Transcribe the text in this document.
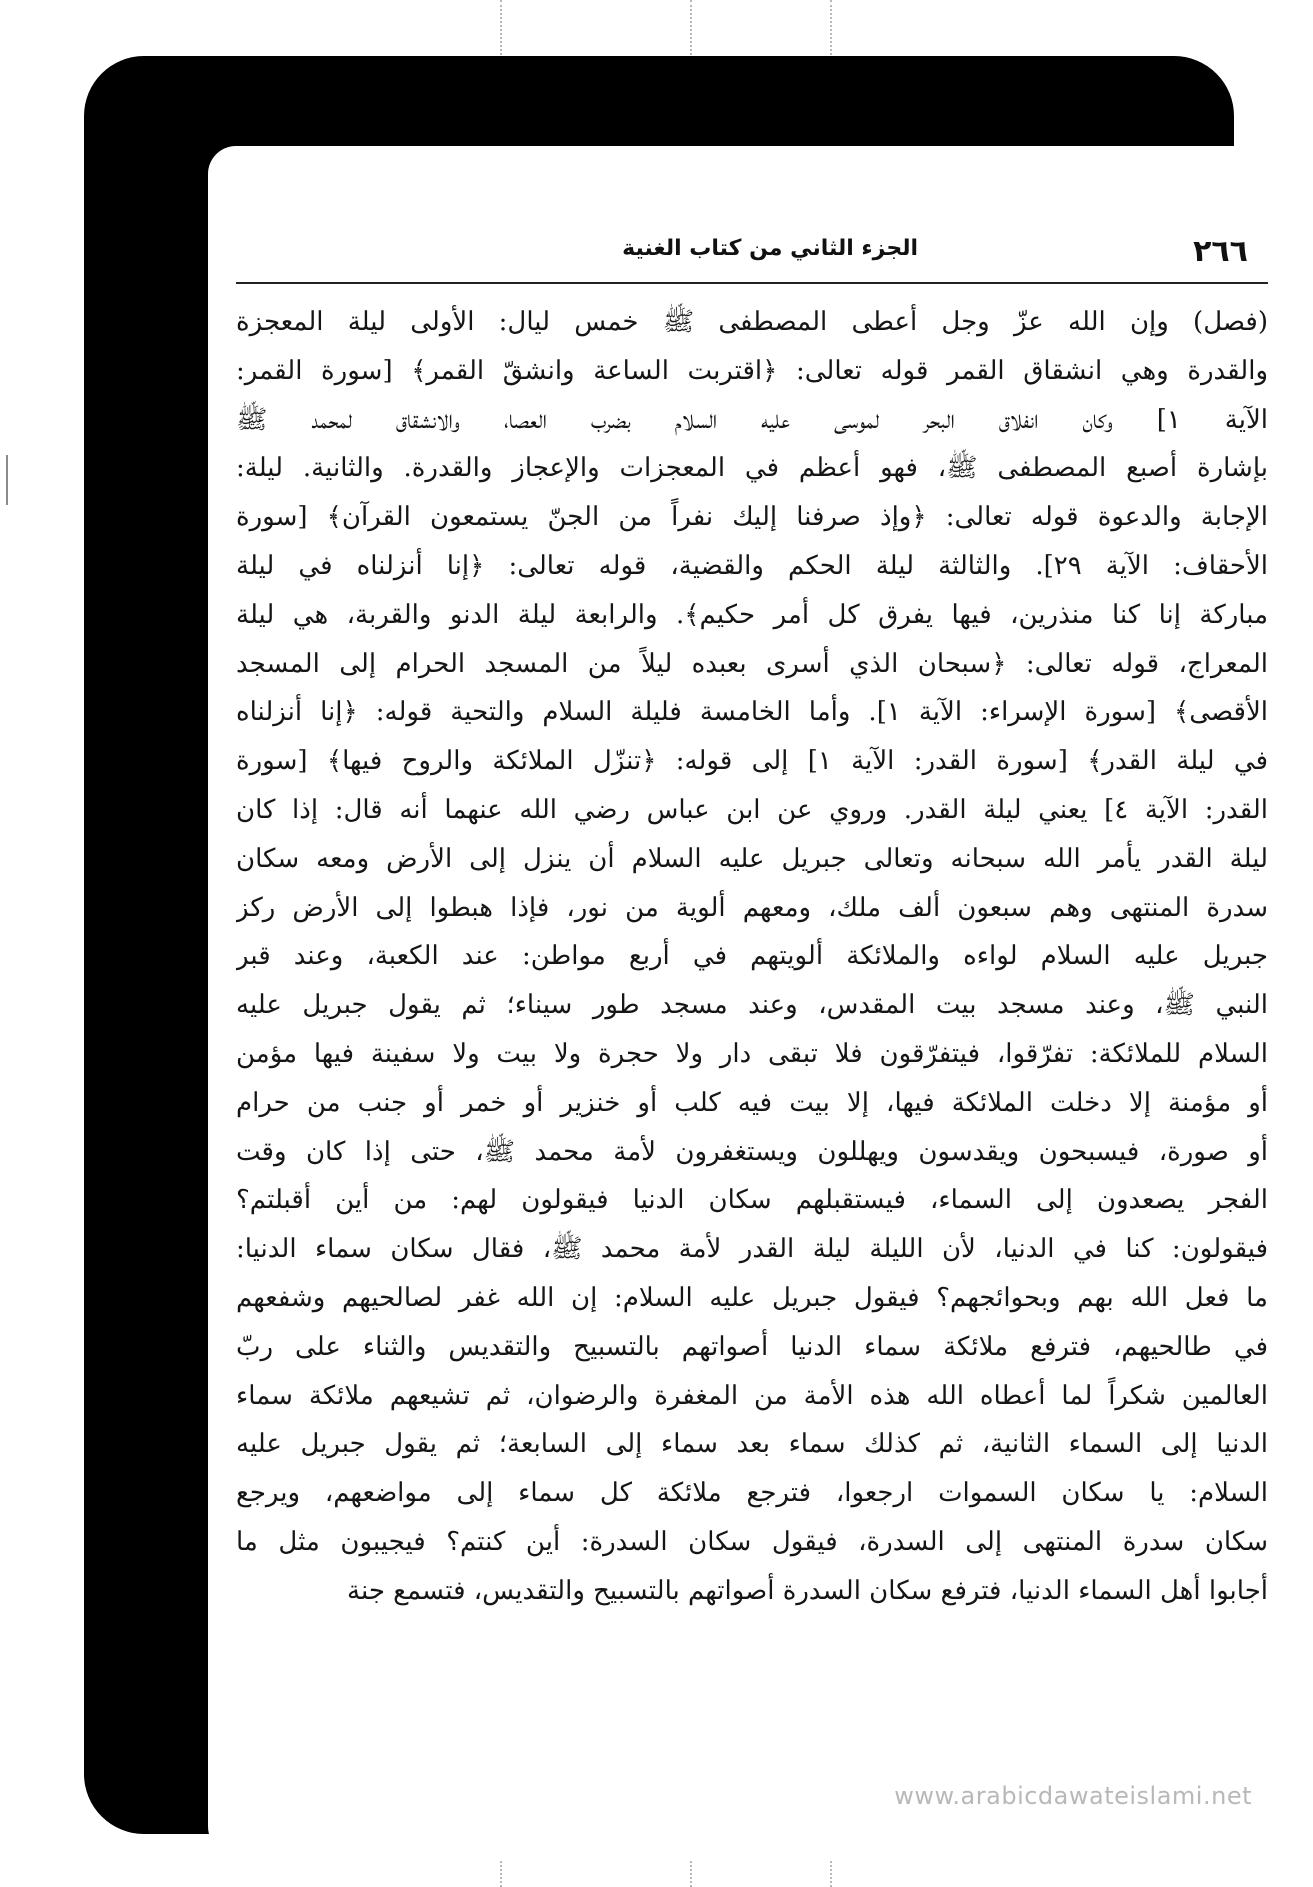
٢٦٦
الجزء الثاني من كتاب الغنية
(فصل) وإن الله عزّ وجل أعطى المصطفى ﷺ خمس ليال: الأولى ليلة المعجزة
والقدرة وهي انشقاق القمر قوله تعالى: ﴿اقتربت الساعة وانشقّ القمر﴾ [سورة القمر:
الآية ١] وكان انفلاق البحر لموسى عليه السلام بضرب العصا، والانشقاق لمحمد ﷺ
بإشارة أصبع المصطفى ﷺ، فهو أعظم في المعجزات والإعجاز والقدرة. والثانية. ليلة:
الإجابة والدعوة قوله تعالى: ﴿وإذ صرفنا إليك نفراً من الجنّ يستمعون القرآن﴾ [سورة
الأحقاف: الآية ٢٩]. والثالثة ليلة الحكم والقضية، قوله تعالى: ﴿إنا أنزلناه في ليلة
مباركة إنا كنا منذرين، فيها يفرق كل أمر حكيم﴾. والرابعة ليلة الدنو والقربة، هي ليلة
المعراج، قوله تعالى: ﴿سبحان الذي أسرى بعبده ليلاً من المسجد الحرام إلى المسجد
الأقصى﴾ [سورة الإسراء: الآية ١]. وأما الخامسة فليلة السلام والتحية قوله: ﴿إنا أنزلناه
في ليلة القدر﴾ [سورة القدر: الآية ١] إلى قوله: ﴿تنزّل الملائكة والروح فيها﴾ [سورة
القدر: الآية ٤] يعني ليلة القدر. وروي عن ابن عباس رضي الله عنهما أنه قال: إذا كان
ليلة القدر يأمر الله سبحانه وتعالى جبريل عليه السلام أن ينزل إلى الأرض ومعه سكان
سدرة المنتهى وهم سبعون ألف ملك، ومعهم ألوية من نور، فإذا هبطوا إلى الأرض ركز
جبريل عليه السلام لواءه والملائكة ألويتهم في أربع مواطن: عند الكعبة، وعند قبر
النبي ﷺ، وعند مسجد بيت المقدس، وعند مسجد طور سيناء؛ ثم يقول جبريل عليه
السلام للملائكة: تفرّقوا، فيتفرّقون فلا تبقى دار ولا حجرة ولا بيت ولا سفينة فيها مؤمن
أو مؤمنة إلا دخلت الملائكة فيها، إلا بيت فيه كلب أو خنزير أو خمر أو جنب من حرام
أو صورة، فيسبحون ويقدسون ويهللون ويستغفرون لأمة محمد ﷺ، حتى إذا كان وقت
الفجر يصعدون إلى السماء، فيستقبلهم سكان الدنيا فيقولون لهم: من أين أقبلتم؟
فيقولون: كنا في الدنيا، لأن الليلة ليلة القدر لأمة محمد ﷺ، فقال سكان سماء الدنيا:
ما فعل الله بهم وبحوائجهم؟ فيقول جبريل عليه السلام: إن الله غفر لصالحيهم وشفعهم
في طالحيهم، فترفع ملائكة سماء الدنيا أصواتهم بالتسبيح والتقديس والثناء على ربّ
العالمين شكراً لما أعطاه الله هذه الأمة من المغفرة والرضوان، ثم تشيعهم ملائكة سماء
الدنيا إلى السماء الثانية، ثم كذلك سماء بعد سماء إلى السابعة؛ ثم يقول جبريل عليه
السلام: يا سكان السموات ارجعوا، فترجع ملائكة كل سماء إلى مواضعهم، ويرجع
سكان سدرة المنتهى إلى السدرة، فيقول سكان السدرة: أين كنتم؟ فيجيبون مثل ما
أجابوا أهل السماء الدنيا، فترفع سكان السدرة أصواتهم بالتسبيح والتقديس، فتسمع جنة
www.arabicdawateislami.net
